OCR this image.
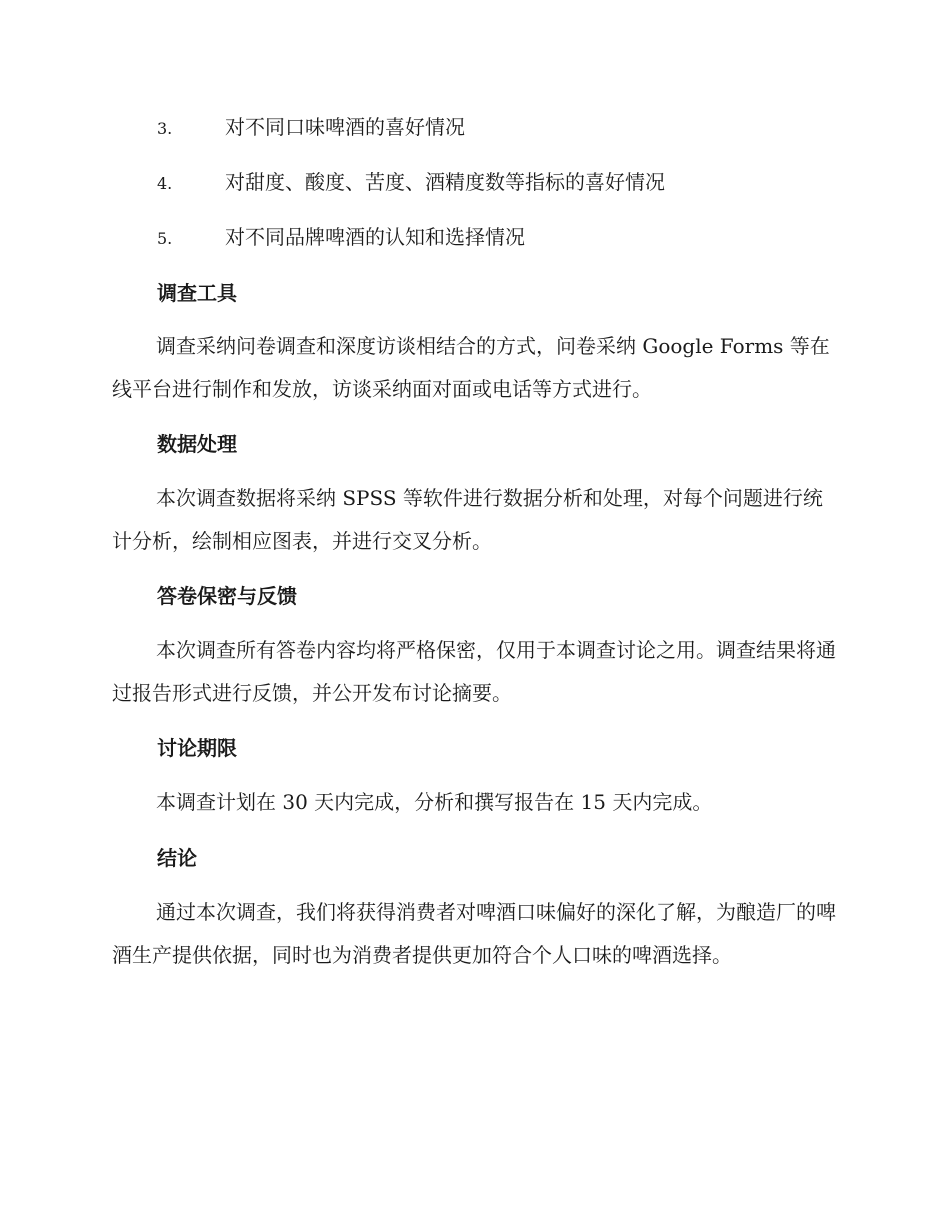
3.	对不同口味啤酒的喜好情况
4.	对甜度、酸度、苦度、酒精度数等指标的喜好情况
5.	对不同品牌啤酒的认知和选择情况
调查工具

调查采纳问卷调查和深度访谈相结合的方式，问卷采纳 Google Forms 等在线平台进行制作和发放，访谈采纳面对面或电话等方式进行。

数据处理

本次调查数据将采纳 SPSS 等软件进行数据分析和处理，对每个问题进行统计分析，绘制相应图表，并进行交叉分析。

答卷保密与反馈

本次调查所有答卷内容均将严格保密，仅用于本调查讨论之用。调查结果将通过报告形式进行反馈，并公开发布讨论摘要。

讨论期限

本调查计划在 30 天内完成，分析和撰写报告在 15 天内完成。

结论

通过本次调查，我们将获得消费者对啤酒口味偏好的深化了解，为酿造厂的啤酒生产提供依据，同时也为消费者提供更加符合个人口味的啤酒选择。
